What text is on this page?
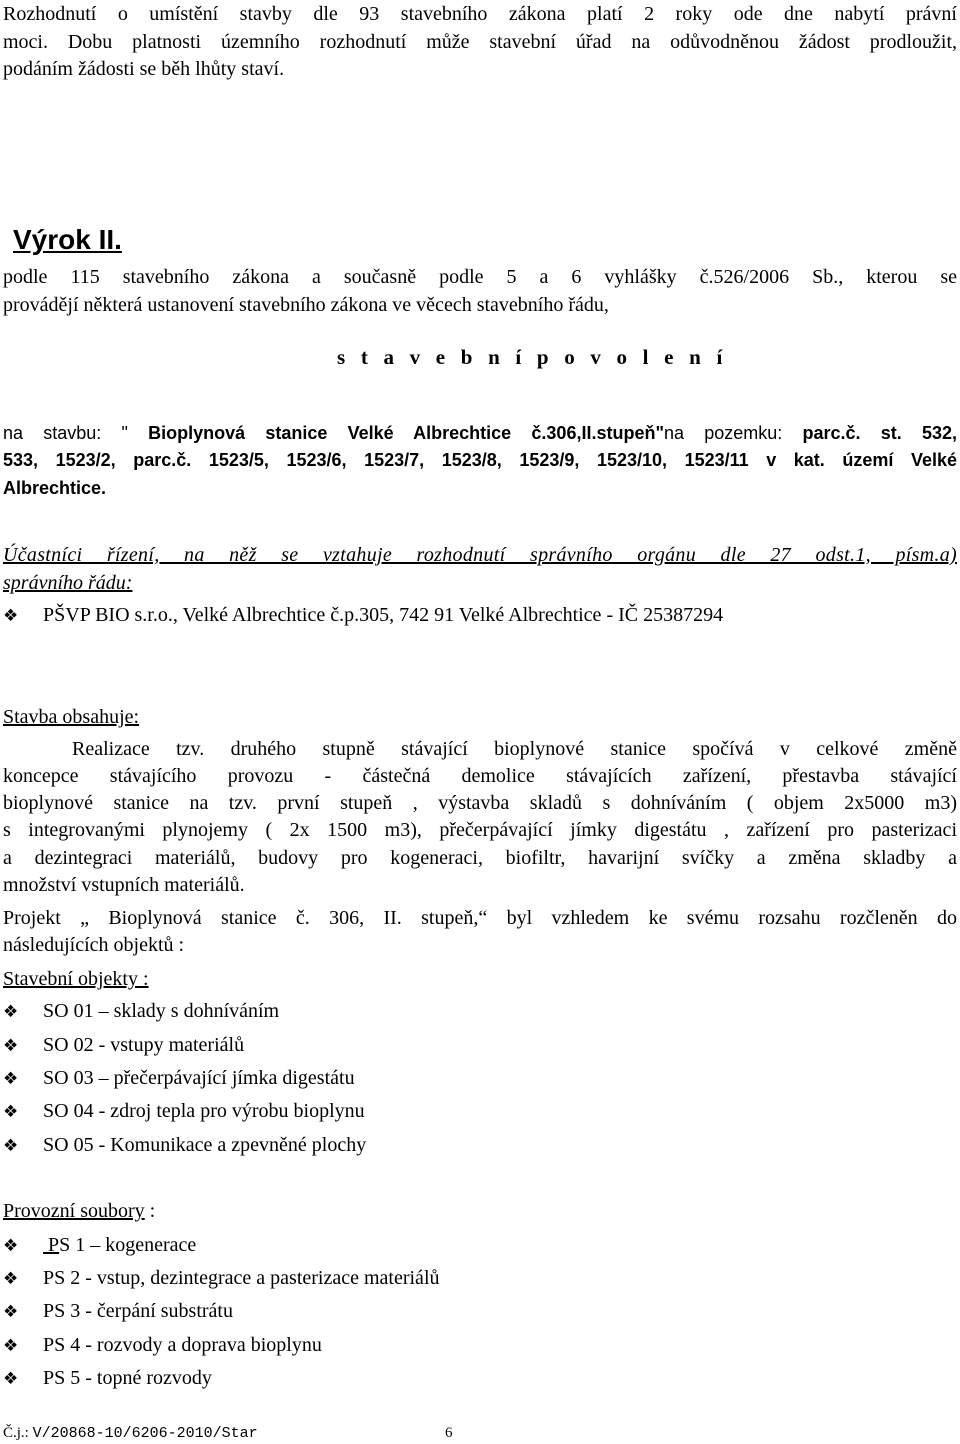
Rozhodnutí o umístění stavby dle 93 stavebního zákona platí 2 roky ode dne nabytí právní
moci. Dobu platnosti územního rozhodnutí může stavební úřad na odůvodněnou žádost prodloužit,
podáním žádosti se běh lhůty staví.
Výrok II.
podle 115 stavebního zákona a současně podle 5 a 6 vyhlášky č.526/2006 Sb., kterou se
provádějí některá ustanovení stavebního zákona ve věcech stavebního řádu,
s t a v e b n í p o v o l e n í
na stavbu: " Bioplynová stanice Velké Albrechtice č.306,II.stupeň"na pozemku: parc.č. st. 532,
533, 1523/2, parc.č. 1523/5, 1523/6, 1523/7, 1523/8, 1523/9, 1523/10, 1523/11 v kat. území Velké
Albrechtice.
Účastníci řízení, na něž se vztahuje rozhodnutí správního orgánu dle 27 odst.1, písm.a)
správního řádu:
❖ PŠVP BIO s.r.o., Velké Albrechtice č.p.305, 742 91 Velké Albrechtice - IČ 25387294
Stavba obsahuje:
Realizace tzv. druhého stupně stávající bioplynové stanice spočívá v celkové změně
koncepce stávajícího provozu - částečná demolice stávajících zařízení, přestavba stávající
bioplynové stanice na tzv. první stupeň , výstavba skladů s dohníváním ( objem 2x5000 m3)
s integrovanými plynojemy ( 2x 1500 m3), přečerpávající jímky digestátu , zařízení pro pasterizaci
a dezintegraci materiálů, budovy pro kogeneraci, biofiltr, havarijní svíčky a změna skladby a
množství vstupních materiálů.
Projekt „ Bioplynová stanice č. 306, II. stupeň,“ byl vzhledem ke svému rozsahu rozčleněn do
následujících objektů :
Stavební objekty :
❖ SO 01 – sklady s dohníváním
❖ SO 02 - vstupy materiálů
❖ SO 03 – přečerpávající jímka digestátu
❖ SO 04 - zdroj tepla pro výrobu bioplynu
❖ SO 05 - Komunikace a zpevněné plochy
Provozní soubory :
❖ PS 1 – kogenerace
❖ PS 2 - vstup, dezintegrace a pasterizace materiálů
❖ PS 3 - čerpání substrátu
❖ PS 4 - rozvody a doprava bioplynu
❖ PS 5 - topné rozvody
Č.j.: V/20868-10/6206-2010/Star	6
